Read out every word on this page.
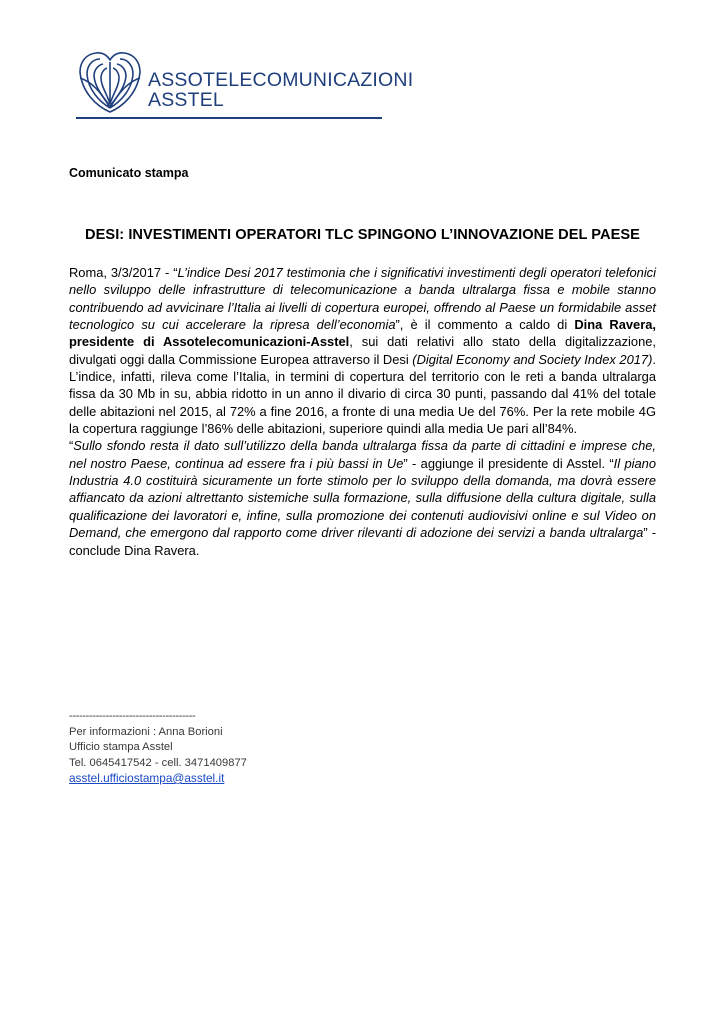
ASSOTELECOMUNICAZIONI
ASSTEL
Comunicato stampa
DESI: INVESTIMENTI OPERATORI TLC SPINGONO L’INNOVAZIONE DEL PAESE

Roma, 3/3/2017 - “L’indice Desi 2017 testimonia che i significativi investimenti degli operatori telefonici nello sviluppo delle infrastrutture di telecomunicazione a banda ultralarga fissa e mobile stanno contribuendo ad avvicinare l’Italia ai livelli di copertura europei, offrendo al Paese un formidabile asset tecnologico su cui accelerare la ripresa dell’economia”, è il commento a caldo di Dina Ravera, presidente di Assotelecomunicazioni-Asstel, sui dati relativi allo stato della digitalizzazione, divulgati oggi dalla Commissione Europea attraverso il Desi (Digital Economy and Society Index 2017). L’indice, infatti, rileva come l’Italia, in termini di copertura del territorio con le reti a banda ultralarga fissa da 30 Mb in su, abbia ridotto in un anno il divario di circa 30 punti, passando dal 41% del totale delle abitazioni nel 2015, al 72% a fine 2016, a fronte di una media Ue del 76%. Per la rete mobile 4G la copertura raggiunge l’86% delle abitazioni, superiore quindi alla media Ue pari all’84%.

“Sullo sfondo resta il dato sull’utilizzo della banda ultralarga fissa da parte di cittadini e imprese che, nel nostro Paese, continua ad essere fra i più bassi in Ue” - aggiunge il presidente di Asstel. “Il piano Industria 4.0 costituirà sicuramente un forte stimolo per lo sviluppo della domanda, ma dovrà essere affiancato da azioni altrettanto sistemiche sulla formazione, sulla diffusione della cultura digitale, sulla qualificazione dei lavoratori e, infine, sulla promozione dei contenuti audiovisivi online e sul Video on Demand, che emergono dal rapporto come driver rilevanti di adozione dei servizi a banda ultralarga” - conclude Dina Ravera.

--------------------------------------
Per informazioni : Anna Borioni
Ufficio stampa Asstel
Tel. 0645417542 - cell. 3471409877
asstel.ufficiostampa@asstel.it
